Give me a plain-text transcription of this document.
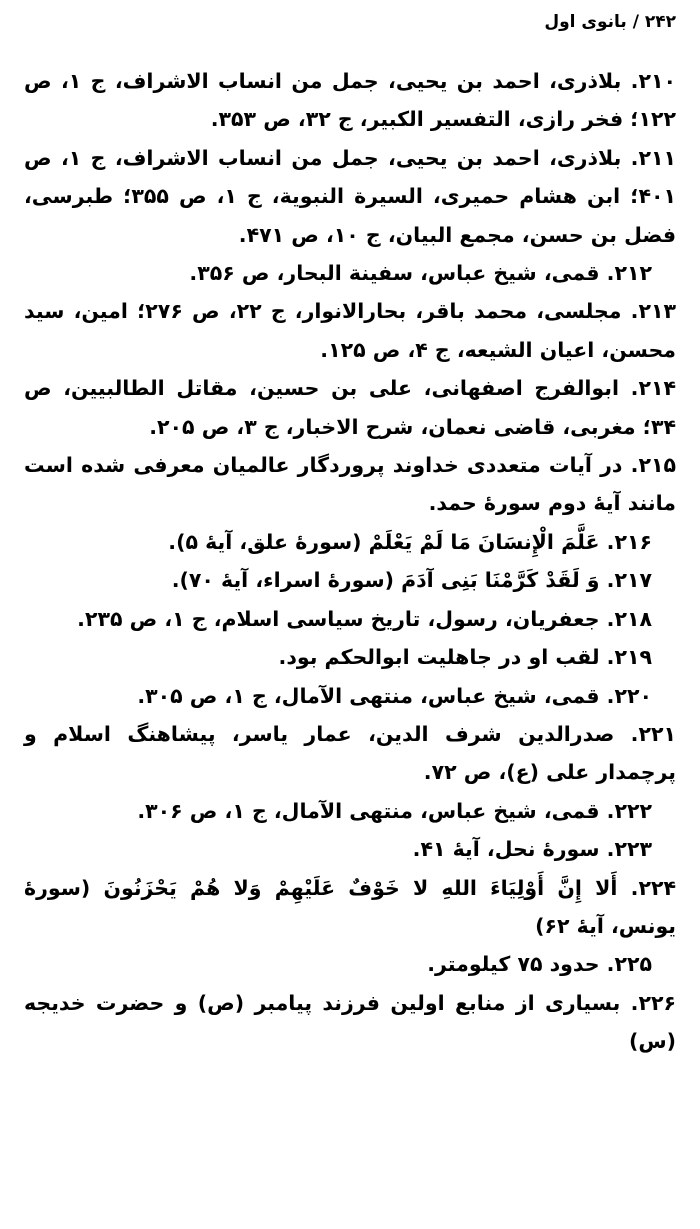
۲۴۲ / بانوی اول

۲۱۰. بلاذری، احمد بن یحیی، جمل من انساب الاشراف، ج ۱، ص ۱۲۲؛ فخر رازی، التفسیر الکبیر، ج ۳۲، ص ۳۵۳.

۲۱۱. بلاذری، احمد بن یحیی، جمل من انساب الاشراف، ج ۱، ص ۴۰۱؛ ابن هشام حمیری، السیرة النبویة، ج ۱، ص ۳۵۵؛ طبرسی، فضل بن حسن، مجمع البیان، ج ۱۰، ص ۴۷۱.

۲۱۲. قمی، شیخ عباس، سفینة البحار، ص ۳۵۶.

۲۱۳. مجلسی، محمد باقر، بحارالانوار، ج ۲۲، ص ۲۷۶؛ امین، سید محسن، اعیان الشیعه، ج ۴، ص ۱۲۵.

۲۱۴. ابوالفرج اصفهانی، علی بن حسین، مقاتل الطالبیین، ص ۳۴؛ مغربی، قاضی نعمان، شرح الاخبار، ج ۳، ص ۲۰۵.

۲۱۵. در آیات متعددی خداوند پروردگار عالمیان معرفی شده است مانند آیهٔ دوم سورهٔ حمد.

۲۱۶. عَلَّمَ الْإِنسَانَ مَا لَمْ يَعْلَمْ (سورهٔ علق، آیهٔ ۵).

۲۱۷. وَ لَقَدْ كَرَّمْنَا بَنِى آدَمَ (سورهٔ اسراء، آیهٔ ۷۰).

۲۱۸. جعفریان، رسول، تاریخ سیاسی اسلام، ج ۱، ص ۲۳۵.

۲۱۹. لقب او در جاهلیت ابوالحکم بود.

۲۲۰. قمی، شیخ عباس، منتهی الآمال، ج ۱، ص ۳۰۵.

۲۲۱. صدرالدین شرف الدین، عمار یاسر، پیشاهنگ اسلام و پرچمدار علی (ع)، ص ۷۲.

۲۲۲. قمی، شیخ عباس، منتهی الآمال، ج ۱، ص ۳۰۶.

۲۲۳. سورهٔ نحل، آیهٔ ۴۱.

۲۲۴. أَلا إِنَّ أَوْلِيَاءَ اللهِ لا خَوْفٌ عَلَيْهِمْ وَلا هُمْ يَحْزَنُونَ (سورهٔ یونس، آیهٔ ۶۲)

۲۲۵. حدود ۷۵ کیلومتر.

۲۲۶. بسیاری از منابع اولین فرزند پیامبر (ص) و حضرت خدیجه (س)
